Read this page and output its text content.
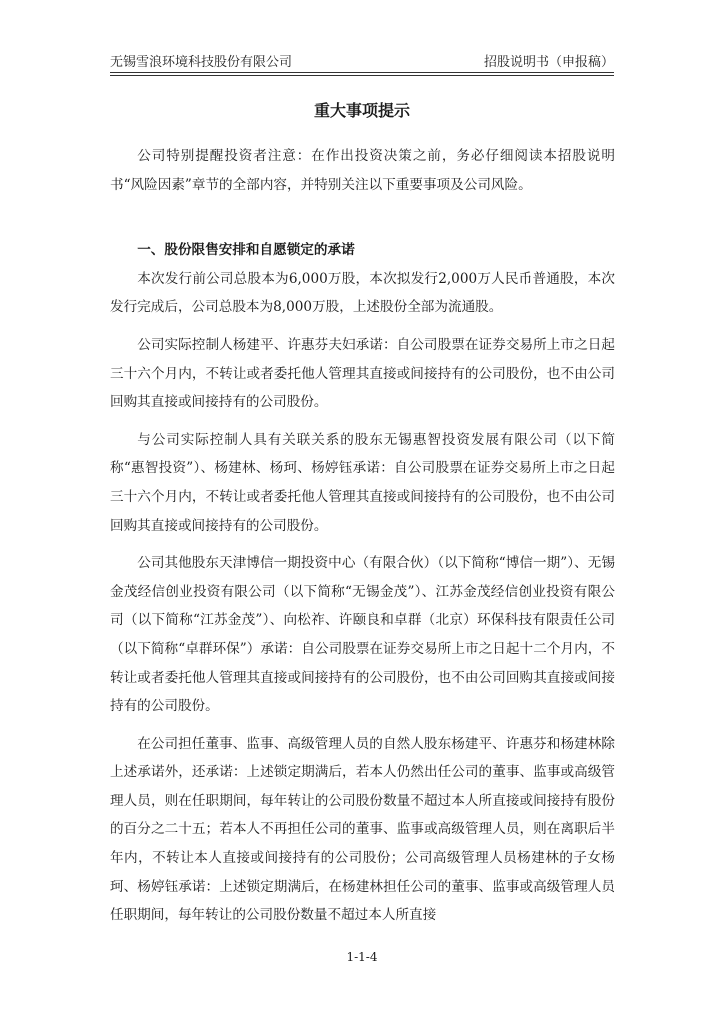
无锡雪浪环境科技股份有限公司	招股说明书（申报稿）
重大事项提示

公司特别提醒投资者注意：在作出投资决策之前，务必仔细阅读本招股说明书“风险因素”章节的全部内容，并特别关注以下重要事项及公司风险。

一、股份限售安排和自愿锁定的承诺

本次发行前公司总股本为6,000万股，本次拟发行2,000万人民币普通股，本次发行完成后，公司总股本为8,000万股，上述股份全部为流通股。

公司实际控制人杨建平、许惠芬夫妇承诺：自公司股票在证券交易所上市之日起三十六个月内，不转让或者委托他人管理其直接或间接持有的公司股份，也不由公司回购其直接或间接持有的公司股份。

与公司实际控制人具有关联关系的股东无锡惠智投资发展有限公司（以下简称“惠智投资”）、杨建林、杨珂、杨婷钰承诺：自公司股票在证券交易所上市之日起三十六个月内，不转让或者委托他人管理其直接或间接持有的公司股份，也不由公司回购其直接或间接持有的公司股份。

公司其他股东天津博信一期投资中心（有限合伙）（以下简称“博信一期”）、无锡金茂经信创业投资有限公司（以下简称“无锡金茂”）、江苏金茂经信创业投资有限公司（以下简称“江苏金茂”）、向松祚、许颐良和卓群（北京）环保科技有限责任公司（以下简称“卓群环保”）承诺：自公司股票在证券交易所上市之日起十二个月内，不转让或者委托他人管理其直接或间接持有的公司股份，也不由公司回购其直接或间接持有的公司股份。

在公司担任董事、监事、高级管理人员的自然人股东杨建平、许惠芬和杨建林除上述承诺外，还承诺：上述锁定期满后，若本人仍然出任公司的董事、监事或高级管理人员，则在任职期间，每年转让的公司股份数量不超过本人所直接或间接持有股份的百分之二十五；若本人不再担任公司的董事、监事或高级管理人员，则在离职后半年内，不转让本人直接或间接持有的公司股份；公司高级管理人员杨建林的子女杨珂、杨婷钰承诺：上述锁定期满后，在杨建林担任公司的董事、监事或高级管理人员任职期间，每年转让的公司股份数量不超过本人所直接

1-1-4
